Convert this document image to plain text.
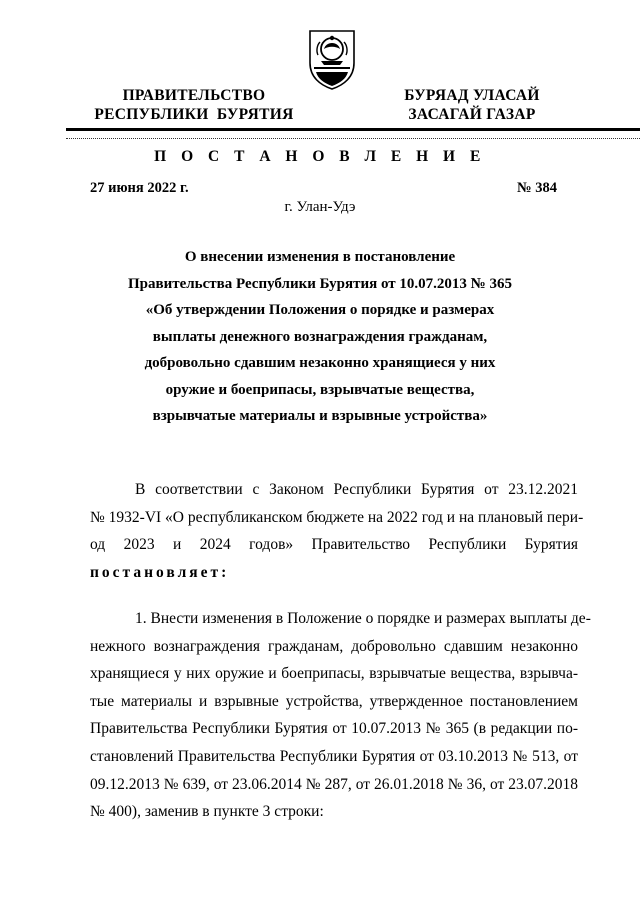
ПРАВИТЕЛЬСТВО
РЕСПУБЛИКИ  БУРЯТИЯ
БУРЯАД УЛАСАЙ
ЗАСАГАЙ ГАЗАР
П О С Т А Н О В Л Е Н И Е
27 июня 2022 г.	№ 384
г. Улан-Удэ
О внесении изменения в постановление
Правительства Республики Бурятия от 10.07.2013 № 365
«Об утверждении Положения о порядке и размерах
выплаты денежного вознаграждения гражданам,
добровольно сдавшим незаконно хранящиеся у них
оружие и боеприпасы, взрывчатые вещества,
взрывчатые материалы и взрывные устройства»
В соответствии с Законом Республики Бурятия от 23.12.2021
№ 1932-VI «О республиканском бюджете на 2022 год и на плановый пери-
од 2023 и 2024 годов» Правительство Республики Бурятия
постановляет:
1. Внести изменения в Положение о порядке и размерах выплаты де-
нежного вознаграждения гражданам, добровольно сдавшим незаконно
хранящиеся у них оружие и боеприпасы, взрывчатые вещества, взрывча-
тые материалы и взрывные устройства, утвержденное постановлением
Правительства Республики Бурятия от 10.07.2013 № 365 (в редакции по-
становлений Правительства Республики Бурятия от 03.10.2013 № 513, от
09.12.2013 № 639, от 23.06.2014 № 287, от 26.01.2018 № 36, от 23.07.2018
№ 400), заменив в пункте 3 строки:
